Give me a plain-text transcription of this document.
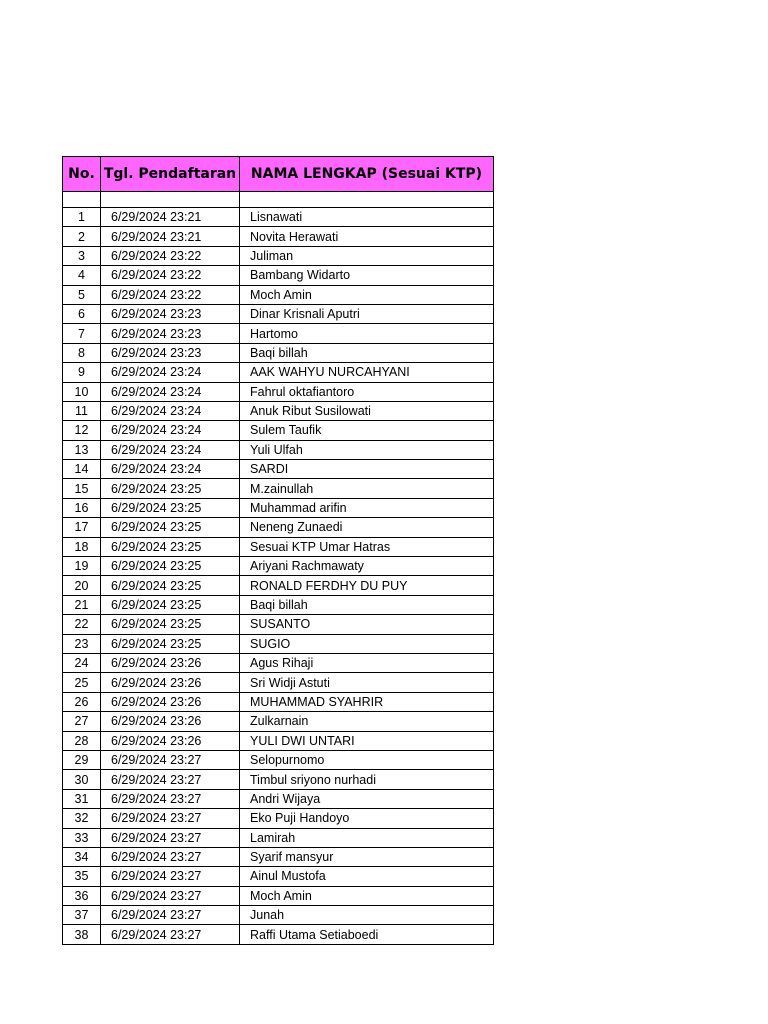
No.	Tgl. Pendaftaran	NAMA LENGKAP (Sesuai KTP)

1	6/29/2024 23:21	Lisnawati
2	6/29/2024 23:21	Novita Herawati
3	6/29/2024 23:22	Juliman
4	6/29/2024 23:22	Bambang Widarto
5	6/29/2024 23:22	Moch Amin
6	6/29/2024 23:23	Dinar Krisnali Aputri
7	6/29/2024 23:23	Hartomo
8	6/29/2024 23:23	Baqi billah
9	6/29/2024 23:24	AAK WAHYU NURCAHYANI
10	6/29/2024 23:24	Fahrul oktafiantoro
11	6/29/2024 23:24	Anuk Ribut Susilowati
12	6/29/2024 23:24	Sulem Taufik
13	6/29/2024 23:24	Yuli Ulfah
14	6/29/2024 23:24	SARDI
15	6/29/2024 23:25	M.zainullah
16	6/29/2024 23:25	Muhammad arifin
17	6/29/2024 23:25	Neneng Zunaedi
18	6/29/2024 23:25	Sesuai KTP Umar Hatras
19	6/29/2024 23:25	Ariyani Rachmawaty
20	6/29/2024 23:25	RONALD FERDHY DU PUY
21	6/29/2024 23:25	Baqi billah
22	6/29/2024 23:25	SUSANTO
23	6/29/2024 23:25	SUGIO
24	6/29/2024 23:26	Agus Rihaji
25	6/29/2024 23:26	Sri Widji Astuti
26	6/29/2024 23:26	MUHAMMAD SYAHRIR
27	6/29/2024 23:26	Zulkarnain
28	6/29/2024 23:26	YULI DWI UNTARI
29	6/29/2024 23:27	Selopurnomo
30	6/29/2024 23:27	Timbul sriyono nurhadi
31	6/29/2024 23:27	Andri Wijaya
32	6/29/2024 23:27	Eko Puji Handoyo
33	6/29/2024 23:27	Lamirah
34	6/29/2024 23:27	Syarif mansyur
35	6/29/2024 23:27	Ainul Mustofa
36	6/29/2024 23:27	Moch Amin
37	6/29/2024 23:27	Junah
38	6/29/2024 23:27	Raffi Utama Setiaboedi
